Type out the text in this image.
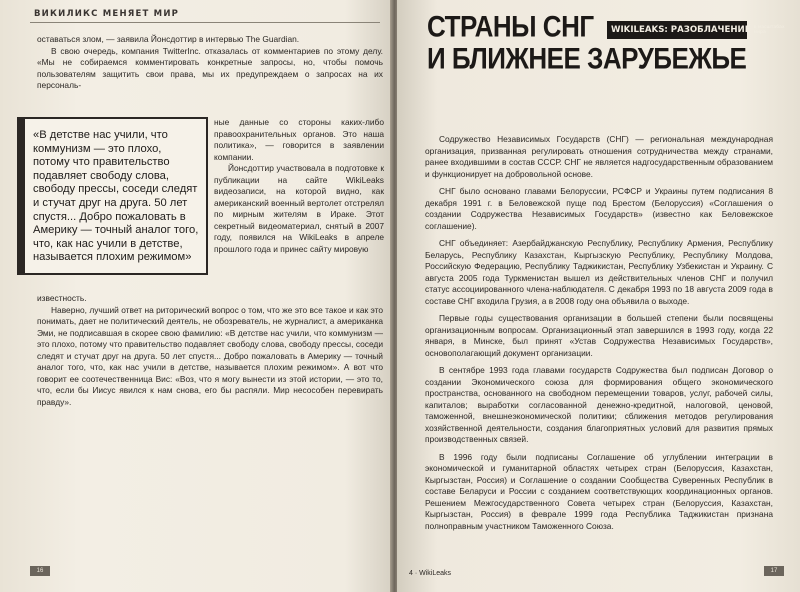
ВИКИЛИКС МЕНЯЕТ МИР

оставаться злом, — заявила Йонсдоттир в интервью The Guardian.

В свою очередь, компания TwitterInc. отказалась от комментариев по этому делу. «Мы не собираемся комментировать конкретные запросы, но, чтобы помочь пользователям защитить свои права, мы их предупреждаем о запросах на их персональ-

«В детстве нас учили, что коммунизм — это плохо, потому что правительство подавляет свободу слова, свободу прессы, соседи следят и стучат друг на друга. 50 лет спустя... Добро пожаловать в Америку — точный аналог того, что, как нас учили в детстве, называется плохим режимом»

ные данные со стороны каких-либо правоохранительных органов. Это наша политика», — говорится в заявлении компании.

Йонсдоттир участвовала в подготовке к публикации на сайте WikiLeaks видеозаписи, на которой видно, как американский военный вертолет отстрелял по мирным жителям в Ираке. Этот секретный видеоматериал, снятый в 2007 году, появился на WikiLeaks в апреле прошлого года и принес сайту мировую

известность.

Наверно, лучший ответ на риторический вопрос о том, что же это все такое и как это понимать, дает не политический деятель, не обозреватель, не журналист, а американка Эми, не подписавшая в скорее свою фамилию: «В детстве нас учили, что коммунизм — это плохо, потому что правительство подавляет свободу слова, свободу прессы, соседи следят и стучат друг на друга. 50 лет спустя... Добро пожаловать в Америку — точный аналог того, что, как нас учили в детстве, называется плохим режимом». А вот что говорит ее соотечественница Вис: «Воз, что я могу вынести из этой истории, — это то, что, если бы Иисус явился к нам снова, его бы распяли. Мир несособен перевирать правду».

16
СТРАНЫ СНГ
И БЛИЖНЕЕ ЗАРУБЕЖЬЕ
WIKILEAKS: РАЗОБЛАЧЕНИЕ в масштабах мира

Содружество Независимых Государств (СНГ) — региональная международная организация, призванная регулировать отношения сотрудничества между странами, ранее входившими в состав СССР. СНГ не является надгосударственным образованием и функционирует на добровольной основе.

СНГ было основано главами Белоруссии, РСФСР и Украины путем подписания 8 декабря 1991 г. в Беловежской пуще под Брестом (Белоруссия) «Соглашения о создании Содружества Независимых Государств» (известно как Беловежское соглашение).

СНГ объединяет: Азербайджанскую Республику, Республику Армения, Республику Беларусь, Республику Казахстан, Кыргызскую Республику, Республику Молдова, Российскую Федерацию, Республику Таджикистан, Республику Узбекистан и Украину. С августа 2005 года Туркменистан вышел из действительных членов СНГ и получил статус ассоциированного члена-наблюдателя. С декабря 1993 по 18 августа 2009 года в составе СНГ входила Грузия, а в 2008 году она объявила о выходе.

Первые годы существования организации в большей степени были посвящены организационным вопросам. Организационный этап завершился в 1993 году, когда 22 января, в Минске, был принят «Устав Содружества Независимых Государств», основополагающий документ организации.

В сентябре 1993 года главами государств Содружества был подписан Договор о создании Экономического союза для формирования общего экономического пространства, основанного на свободном перемещении товаров, услуг, рабочей силы, капиталов; выработки согласованной денежно-кредитной, налоговой, ценовой, таможенной, внешнеэкономической политики; сближения методов регулирования хозяйственной деятельности, создания благоприятных условий для развития прямых производственных связей.

В 1996 году были подписаны Соглашение об углублении интеграции в экономической и гуманитарной областях четырех стран (Белоруссия, Казахстан, Кыргызстан, Россия) и Соглашение о создании Сообщества Суверенных Республик в составе Беларуси и России с созданием соответствующих координационных органов. Решением Межгосударственного Совета четырех стран (Белоруссия, Казахстан, Кыргызстан, Россия) в феврале 1999 года Республика Таджикистан признана полноправным участником Таможенного Союза.

4 · WikiLeaks	17
